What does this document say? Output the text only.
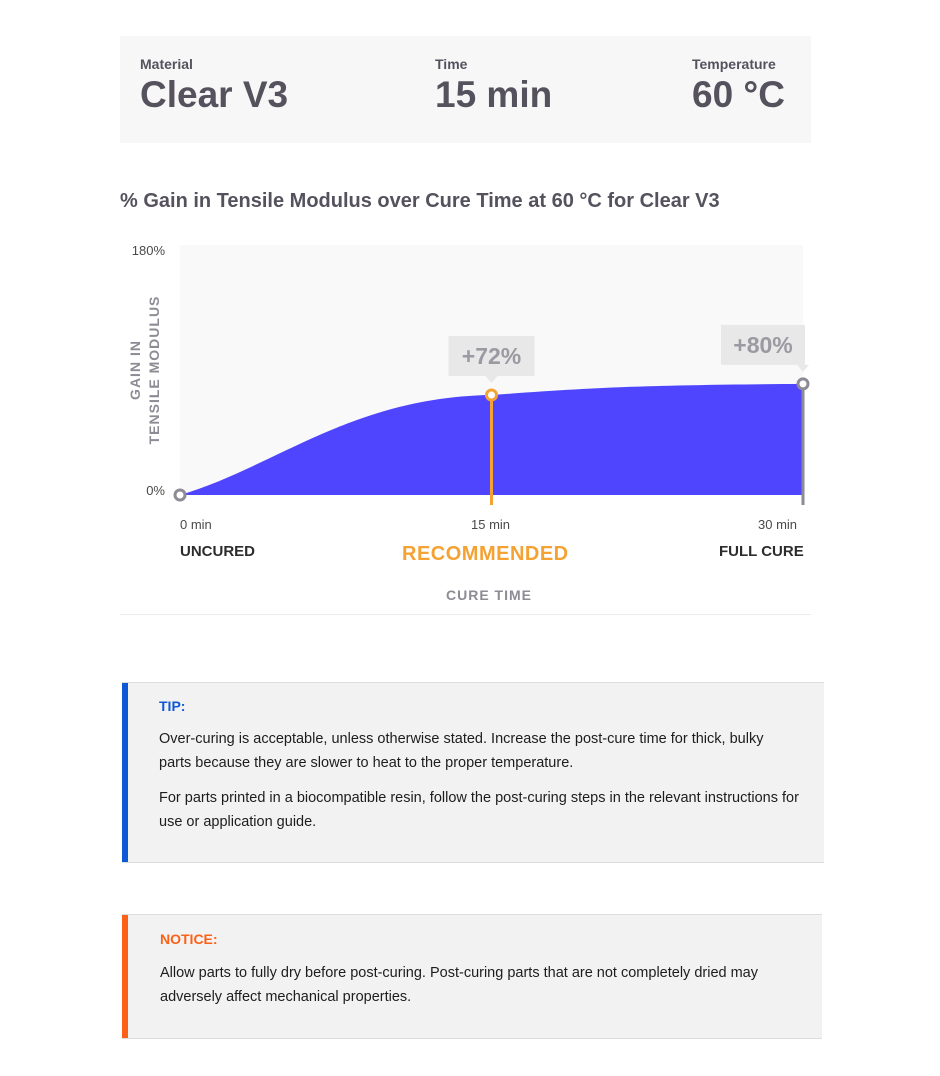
Material
Clear V3
Time
15 min
Temperature
60 °C
% Gain in Tensile Modulus over Cure Time at 60 °C for Clear V3
180%
0%
GAIN IN TENSILE MODULUS	+72%	+80%
0 min	15 min	30 min
UNCURED	RECOMMENDED	FULL CURE
CURE TIME
TIP:

Over-curing is acceptable, unless otherwise stated. Increase the post-cure time for thick, bulky parts because they are slower to heat to the proper temperature.

For parts printed in a biocompatible resin, follow the post-curing steps in the relevant instructions for use or application guide.

NOTICE:

Allow parts to fully dry before post-curing. Post-curing parts that are not completely dried may adversely affect mechanical properties.
